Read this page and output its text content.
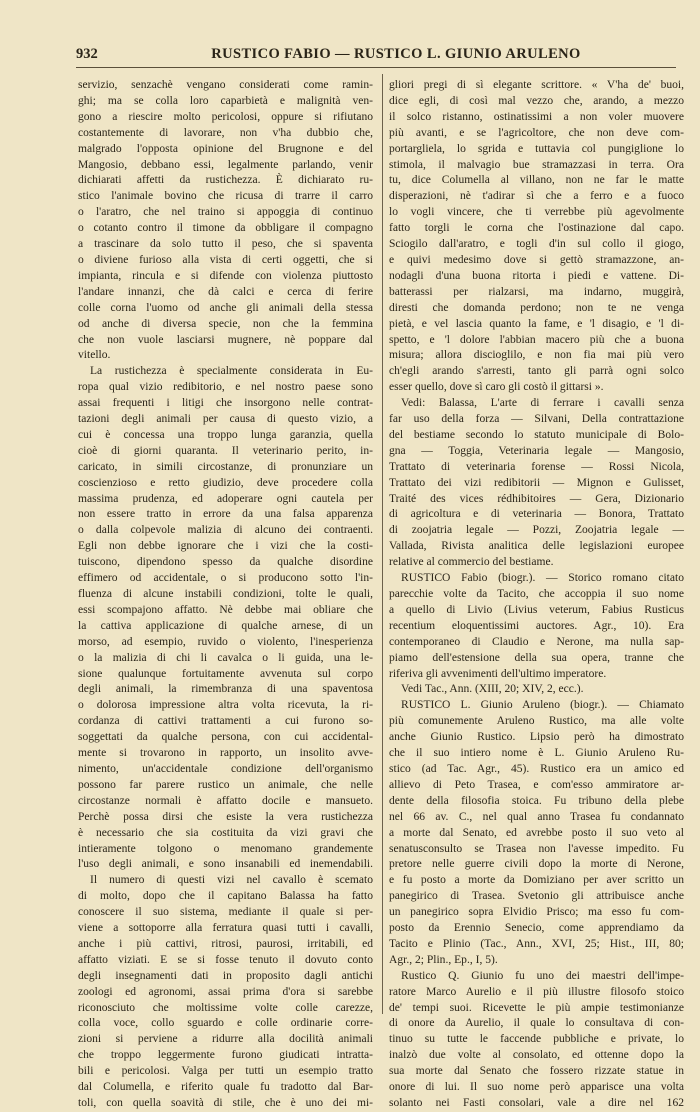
932	RUSTICO FABIO — RUSTICO L. GIUNIO ARULENO
servizio, senzachè vengano considerati come ramin-
ghi; ma se colla loro caparbietà e malignità ven-
gono a riescire molto pericolosi, oppure si rifiutano
costantemente di lavorare, non v'ha dubbio che,
malgrado l'opposta opinione del Brugnone e del
Mangosio, debbano essi, legalmente parlando, venir
dichiarati affetti da rustichezza. È dichiarato ru-
stico l'animale bovino che ricusa di trarre il carro
o l'aratro, che nel traino si appoggia di continuo
o cotanto contro il timone da obbligare il compagno
a trascinare da solo tutto il peso, che si spaventa
o diviene furioso alla vista di certi oggetti, che si
impianta, rincula e si difende con violenza piuttosto
l'andare innanzi, che dà calci e cerca di ferire
colle corna l'uomo od anche gli animali della stessa
od anche di diversa specie, non che la femmina
che non vuole lasciarsi mugnere, nè poppare dal
vitello.
La rustichezza è specialmente considerata in Eu-
ropa qual vizio redibitorio, e nel nostro paese sono
assai frequenti i litigi che insorgono nelle contrat-
tazioni degli animali per causa di questo vizio, a
cui è concessa una troppo lunga garanzia, quella
cioè di giorni quaranta. Il veterinario perito, in-
caricato, in simili circostanze, di pronunziare un
coscienzioso e retto giudizio, deve procedere colla
massima prudenza, ed adoperare ogni cautela per
non essere tratto in errore da una falsa apparenza
o dalla colpevole malizia di alcuno dei contraenti.
Egli non debbe ignorare che i vizi che la costi-
tuiscono, dipendono spesso da qualche disordine
effimero od accidentale, o si producono sotto l'in-
fluenza di alcune instabili condizioni, tolte le quali,
essi scompajono affatto. Nè debbe mai obliare che
la cattiva applicazione di qualche arnese, di un
morso, ad esempio, ruvido o violento, l'inesperienza
o la malizia di chi li cavalca o li guida, una le-
sione qualunque fortuitamente avvenuta sul corpo
degli animali, la rimembranza di una spaventosa
o dolorosa impressione altra volta ricevuta, la ri-
cordanza di cattivi trattamenti a cui furono so-
soggettati da qualche persona, con cui accidental-
mente si trovarono in rapporto, un insolito avve-
nimento, un'accidentale condizione dell'organismo
possono far parere rustico un animale, che nelle
circostanze normali è affatto docile e mansueto.
Perchè possa dirsi che esiste la vera rustichezza
è necessario che sia costituita da vizi gravi che
intieramente tolgono o menomano grandemente
l'uso degli animali, e sono insanabili ed inemendabili.
Il numero di questi vizi nel cavallo è scemato
di molto, dopo che il capitano Balassa ha fatto
conoscere il suo sistema, mediante il quale si per-
viene a sottoporre alla ferratura quasi tutti i cavalli,
anche i più cattivi, ritrosi, paurosi, irritabili, ed
affatto viziati. E se si fosse tenuto il dovuto conto
degli insegnamenti dati in proposito dagli antichi
zoologi ed agronomi, assai prima d'ora si sarebbe
riconosciuto che moltissime volte colle carezze,
colla voce, collo sguardo e colle ordinarie corre-
zioni si perviene a ridurre alla docilità animali
che troppo leggermente furono giudicati intratta-
bili e pericolosi. Valga per tutti un esempio tratto
dal Columella, e riferito quale fu tradotto dal Bar-
toli, con quella soavità di stile, che è uno dei mi-
gliori pregi di sì elegante scrittore. « V'ha de' buoi,
dice egli, di così mal vezzo che, arando, a mezzo
il solco ristanno, ostinatissimi a non voler muovere
più avanti, e se l'agricoltore, che non deve com-
portargliela, lo sgrida e tuttavia col pungiglione lo
stimola, il malvagio bue stramazzasi in terra. Ora
tu, dice Columella al villano, non ne far le matte
disperazioni, nè t'adirar sì che a ferro e a fuoco
lo vogli vincere, che ti verrebbe più agevolmente
fatto torgli le corna che l'ostinazione dal capo.
Sciogilo dall'aratro, e togli d'in sul collo il giogo,
e quivi medesimo dove si gettò stramazzone, an-
nodagli d'una buona ritorta i piedi e vattene. Di-
batterassi per rialzarsi, ma indarno, muggirà,
diresti che domanda perdono; non te ne venga
pietà, e vel lascia quanto la fame, e 'l disagio, e 'l di-
spetto, e 'l dolore l'abbian macero più che a buona
misura; allora discioglilo, e non fia mai più vero
ch'egli arando s'arresti, tanto gli parrà ogni solco
esser quello, dove sì caro gli costò il gittarsi ».
Vedi: Balassa, L'arte di ferrare i cavalli senza
far uso della forza — Silvani, Della contrattazione
del bestiame secondo lo statuto municipale di Bolo-
gna — Toggia, Veterinaria legale — Mangosio,
Trattato di veterinaria forense — Rossi Nicola,
Trattato dei vizi redibitorii — Mignon e Gulisset,
Traité des vices rédhibitoires — Gera, Dizionario
di agricoltura e di veterinaria — Bonora, Trattato
di zoojatria legale — Pozzi, Zoojatria legale —
Vallada, Rivista analitica delle legislazioni europee
relative al commercio del bestiame.
RUSTICO Fabio (biogr.). — Storico romano citato
parecchie volte da Tacito, che accoppia il suo nome
a quello di Livio (Livius veterum, Fabius Rusticus
recentium eloquentissimi auctores. Agr., 10). Era
contemporaneo di Claudio e Nerone, ma nulla sap-
piamo dell'estensione della sua opera, tranne che
riferiva gli avvenimenti dell'ultimo imperatore.
Vedi Tac., Ann. (XIII, 20; XIV, 2, ecc.).
RUSTICO L. Giunio Aruleno (biogr.). — Chiamato
più comunemente Aruleno Rustico, ma alle volte
anche Giunio Rustico. Lipsio però ha dimostrato
che il suo intiero nome è L. Giunio Aruleno Ru-
stico (ad Tac. Agr., 45). Rustico era un amico ed
allievo di Peto Trasea, e com'esso ammiratore ar-
dente della filosofia stoica. Fu tribuno della plebe
nel 66 av. C., nel qual anno Trasea fu condannato
a morte dal Senato, ed avrebbe posto il suo veto al
senatusconsulto se Trasea non l'avesse impedito. Fu
pretore nelle guerre civili dopo la morte di Nerone,
e fu posto a morte da Domiziano per aver scritto un
panegirico di Trasea. Svetonio gli attribuisce anche
un panegirico sopra Elvidio Prisco; ma esso fu com-
posto da Erennio Senecio, come apprendiamo da
Tacito e Plinio (Tac., Ann., XVI, 25; Hist., III, 80;
Agr., 2; Plin., Ep., I, 5).
Rustico Q. Giunio fu uno dei maestri dell'impe-
ratore Marco Aurelio e il più illustre filosofo stoico
de' tempi suoi. Ricevette le più ampie testimonianze
di onore da Aurelio, il quale lo consultava di con-
tinuo su tutte le faccende pubbliche e private, lo
inalzò due volte al consolato, ed ottenne dopo la
sua morte dal Senato che fossero rizzate statue in
onore di lui. Il suo nome però apparisce una volta
solanto nei Fasti consolari, vale a dire nel 162
